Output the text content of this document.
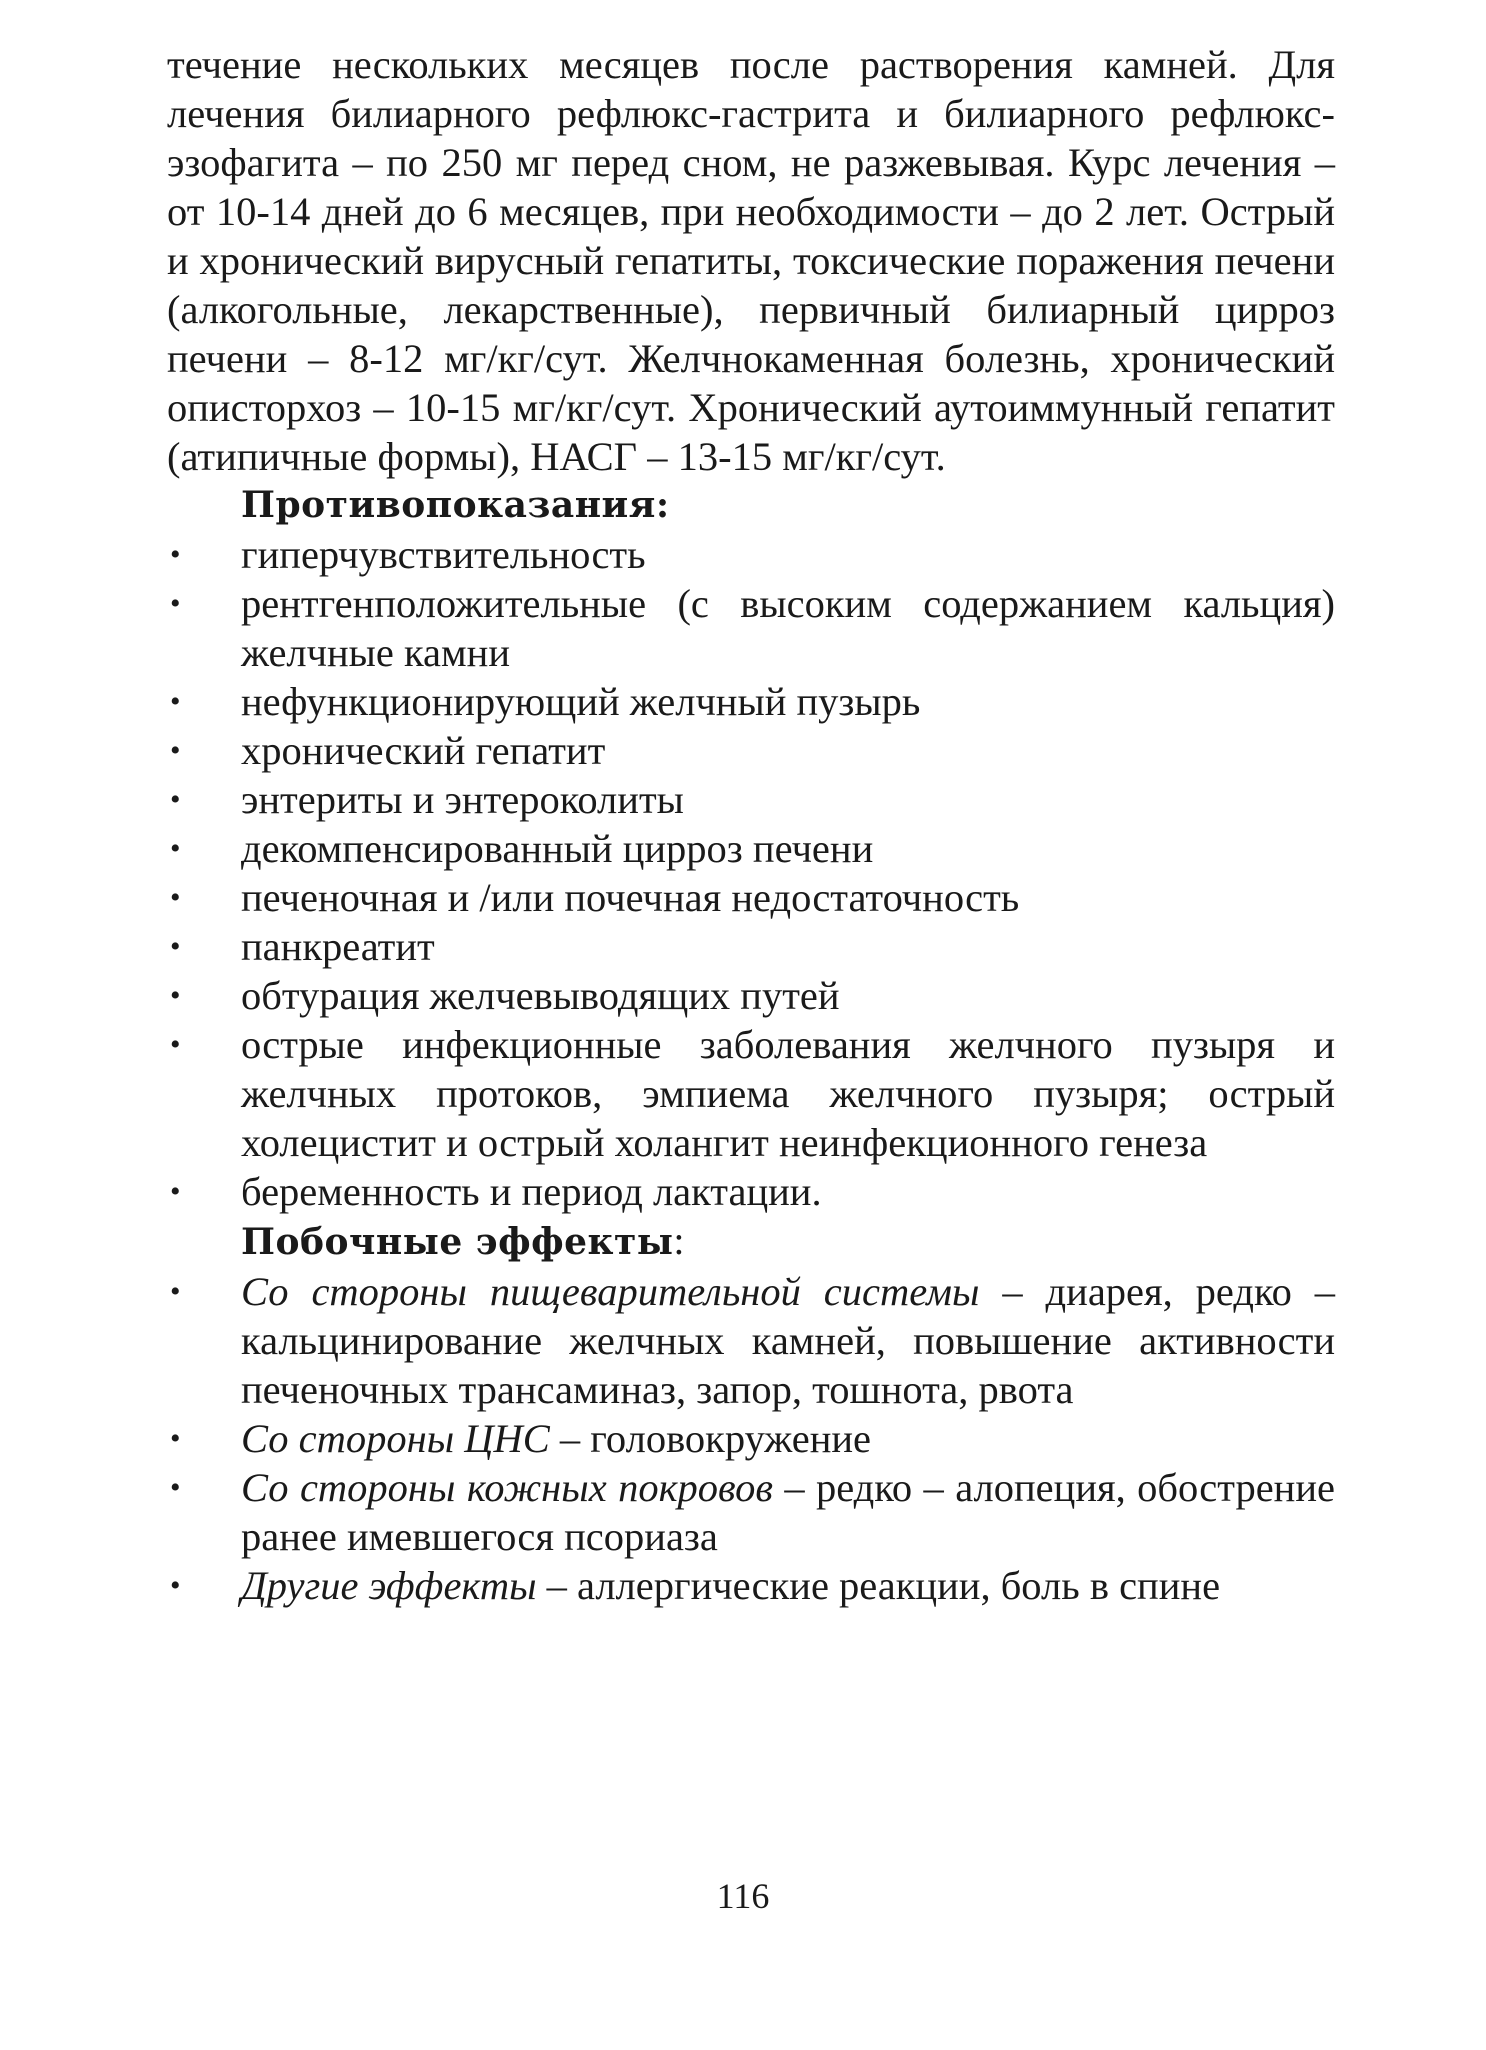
течение нескольких месяцев после растворения камней. Для лечения билиарного рефлюкс-гастрита и билиарного рефлюкс-эзофагита – по 250 мг перед сном, не разжевывая. Курс лечения – от 10-14 дней до 6 месяцев, при необходимости – до 2 лет. Острый и хронический вирусный гепатиты, токсические поражения печени (алкогольные, лекарственные), первичный билиарный цирроз печени – 8-12 мг/кг/сут. Желчнокаменная болезнь, хронический описторхоз – 10-15 мг/кг/сут. Хронический аутоиммунный гепатит (атипичные формы), НАСГ – 13-15 мг/кг/сут.

Противопоказания:

• гиперчувствительность
• рентгенположительные (с высоким содержанием кальция) желчные камни
• нефункционирующий желчный пузырь
• хронический гепатит
• энтериты и энтероколиты
• декомпенсированный цирроз печени
• печеночная и /или почечная недостаточность
• панкреатит
• обтурация желчевыводящих путей
• острые инфекционные заболевания желчного пузыря и желчных протоков, эмпиема желчного пузыря; острый холецистит и острый холангит неинфекционного генеза
• беременность и период лактации.

Побочные эффекты:

• Со стороны пищеварительной системы – диарея, редко – кальцинирование желчных камней, повышение активности печеночных трансаминаз, запор, тошнота, рвота
• Со стороны ЦНС – головокружение
• Со стороны кожных покровов – редко – алопеция, обострение ранее имевшегося псориаза
• Другие эффекты – аллергические реакции, боль в спине
116
